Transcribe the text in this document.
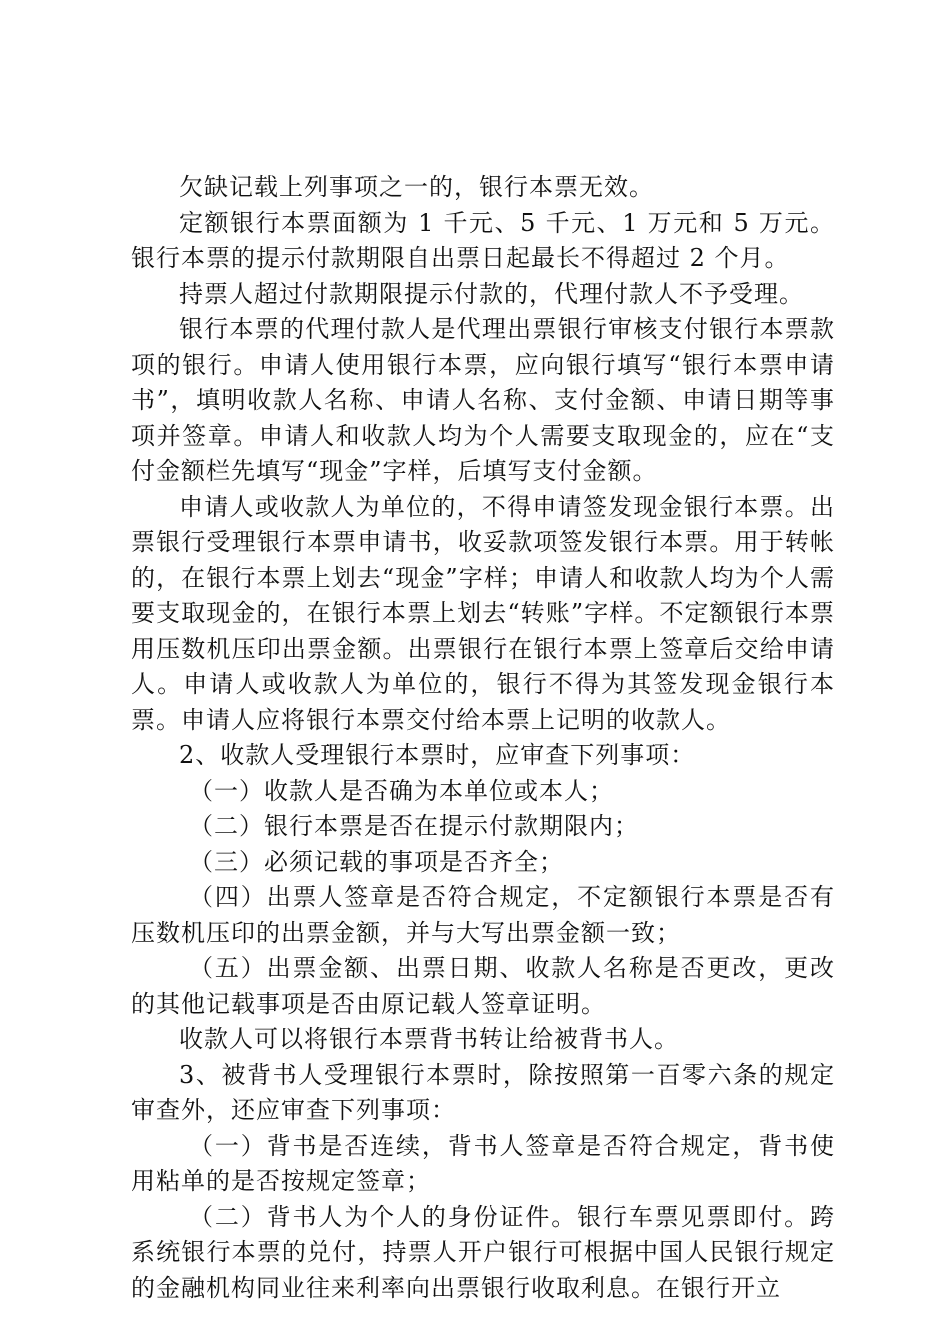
欠缺记载上列事项之一的，银行本票无效。

定额银行本票面额为 1 千元、5 千元、1 万元和 5 万元。银行本票的提示付款期限自出票日起最长不得超过 2 个月。

持票人超过付款期限提示付款的，代理付款人不予受理。

银行本票的代理付款人是代理出票银行审核支付银行本票款项的银行。申请人使用银行本票，应向银行填写“银行本票申请书”，填明收款人名称、申请人名称、支付金额、申请日期等事项并签章。申请人和收款人均为个人需要支取现金的，应在“支付金额栏先填写“现金”字样，后填写支付金额。

申请人或收款人为单位的，不得申请签发现金银行本票。出票银行受理银行本票申请书，收妥款项签发银行本票。用于转帐的，在银行本票上划去“现金”字样；申请人和收款人均为个人需要支取现金的，在银行本票上划去“转账”字样。不定额银行本票用压数机压印出票金额。出票银行在银行本票上签章后交给申请人。申请人或收款人为单位的，银行不得为其签发现金银行本票。申请人应将银行本票交付给本票上记明的收款人。

2、收款人受理银行本票时，应审查下列事项：

（一）收款人是否确为本单位或本人；

（二）银行本票是否在提示付款期限内；

（三）必须记载的事项是否齐全；

（四）出票人签章是否符合规定，不定额银行本票是否有压数机压印的出票金额，并与大写出票金额一致；

（五）出票金额、出票日期、收款人名称是否更改，更改的其他记载事项是否由原记载人签章证明。

收款人可以将银行本票背书转让给被背书人。

3、被背书人受理银行本票时，除按照第一百零六条的规定审查外，还应审查下列事项：

（一）背书是否连续，背书人签章是否符合规定，背书使用粘单的是否按规定签章；

（二）背书人为个人的身份证件。银行车票见票即付。跨系统银行本票的兑付，持票人开户银行可根据中国人民银行规定的金融机构同业往来利率向出票银行收取利息。在银行开立
